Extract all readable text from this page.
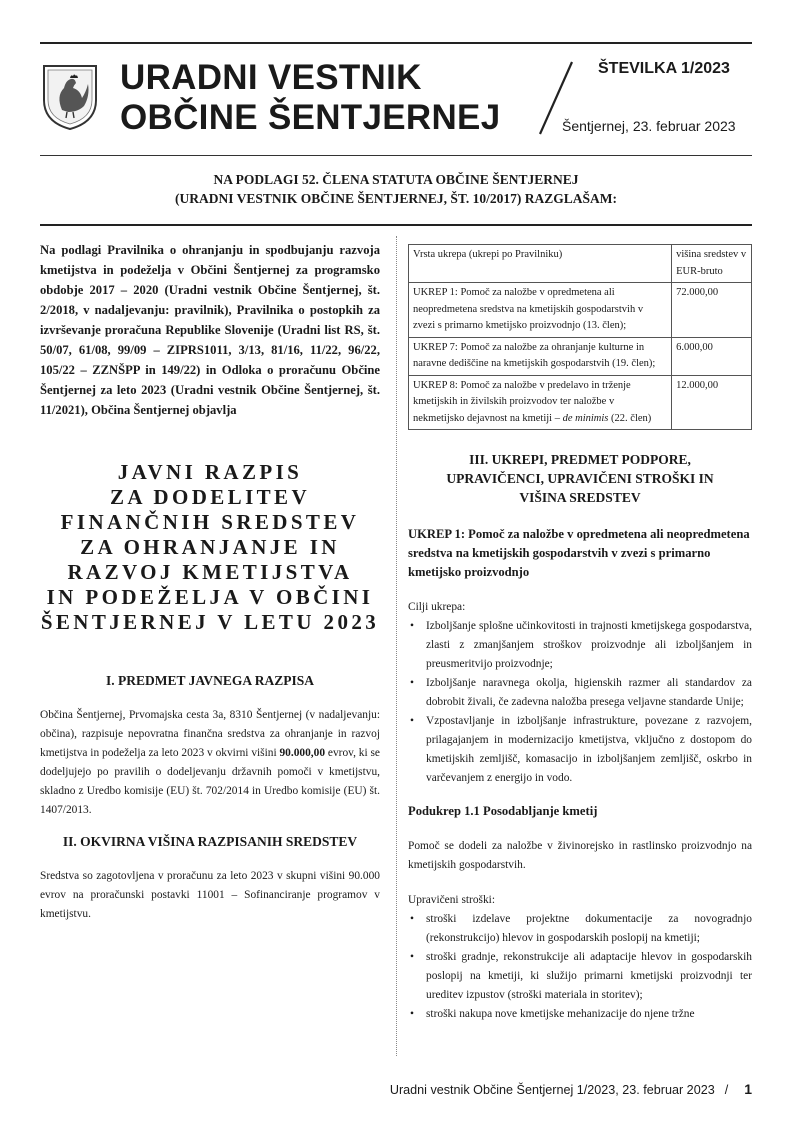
URADNI VESTNIK
OBČINE ŠENTJERNEJ
ŠTEVILKA 1/2023
Šentjernej, 23. februar 2023
NA PODLAGI 52. ČLENA STATUTA OBČINE ŠENTJERNEJ
(URADNI VESTNIK OBČINE ŠENTJERNEJ, ŠT. 10/2017) RAZGLAŠAM:

Na podlagi Pravilnika o ohranjanju in spodbujanju razvoja kmetijstva in podeželja v Občini Šentjernej za programsko obdobje 2017 – 2020 (Uradni vestnik Občine Šentjernej, št. 2/2018, v nadaljevanju: pravilnik), Pravilnika o postopkih za izvrševanje proračuna Republike Slovenije (Uradni list RS, št. 50/07, 61/08, 99/09 – ZIPRS1011, 3/13, 81/16, 11/22, 96/22, 105/22 – ZZNŠPP in 149/22) in Odloka o proračunu Občine Šentjernej za leto 2023 (Uradni vestnik Občine Šentjernej, št. 11/2021), Občina Šentjernej objavlja

JAVNI RAZPIS
ZA DODELITEV
FINANČNIH SREDSTEV
ZA OHRANJANJE IN
RAZVOJ KMETIJSTVA
IN PODEŽELJA V OBČINI
ŠENTJERNEJ V LETU 2023
I. PREDMET JAVNEGA RAZPISA

Občina Šentjernej, Prvomajska cesta 3a, 8310 Šentjernej (v nadaljevanju: občina), razpisuje nepovratna finančna sredstva za ohranjanje in razvoj kmetijstva in podeželja za leto 2023 v okvirni višini 90.000,00 evrov, ki se dodeljujejo po pravilih o dodeljevanju državnih pomoči v kmetijstvu, skladno z Uredbo komisije (EU) št. 702/2014 in Uredbo komisije (EU) št. 1407/2013.

II. OKVIRNA VIŠINA RAZPISANIH SREDSTEV

Sredstva so zagotovljena v proračunu za leto 2023 v skupni višini 90.000 evrov na proračunski postavki 11001 – Sofinanciranje programov v kmetijstvu.

Vrsta ukrepa (ukrepi po Pravilniku)	višina sredstev v EUR-bruto
UKREP 1: Pomoč za naložbe v opredmetena ali neopredmetena sredstva na kmetijskih gospodarstvih v zvezi s primarno kmetijsko proizvodnjo (13. člen);	72.000,00
UKREP 7: Pomoč za naložbe za ohranjanje kulturne in naravne dediščine na kmetijskih gospodarstvih (19. člen);	6.000,00
UKREP 8: Pomoč za naložbe v predelavo in trženje kmetijskih in živilskih proizvodov ter naložbe v nekmetijsko dejavnost na kmetiji – de minimis (22. člen)	12.000,00
III. UKREPI, PREDMET PODPORE,
UPRAVIČENCI, UPRAVIČENI STROŠKI IN
VIŠINA SREDSTEV

UKREP 1: Pomoč za naložbe v opredmetena ali neopredmetena sredstva na kmetijskih gospodarstvih v zvezi s primarno kmetijsko proizvodnjo

Cilji ukrepa:

• Izboljšanje splošne učinkovitosti in trajnosti kmetijskega gospodarstva, zlasti z zmanjšanjem stroškov proizvodnje ali izboljšanjem in preusmeritvijo proizvodnje;
• Izboljšanje naravnega okolja, higienskih razmer ali standardov za dobrobit živali, če zadevna naložba presega veljavne standarde Unije;
• Vzpostavljanje in izboljšanje infrastrukture, povezane z razvojem, prilagajanjem in modernizacijo kmetijstva, vključno z dostopom do kmetijskih zemljišč, komasacijo in izboljšanjem zemljišč, oskrbo in varčevanjem z energijo in vodo.

Podukrep 1.1 Posodabljanje kmetij

Pomoč se dodeli za naložbe v živinorejsko in rastlinsko proizvodnjo na kmetijskih gospodarstvih.

Upravičeni stroški:

• stroški izdelave projektne dokumentacije za novogradnjo (rekonstrukcijo) hlevov in gospodarskih poslopij na kmetiji;
• stroški gradnje, rekonstrukcije ali adaptacije hlevov in gospodarskih poslopij na kmetiji, ki služijo primarni kmetijski proizvodnji ter ureditev izpustov (stroški materiala in storitev);
• stroški nakupa nove kmetijske mehanizacije do njene tržne
Uradni vestnik Občine Šentjernej 1/2023, 23. februar 2023 / 1
